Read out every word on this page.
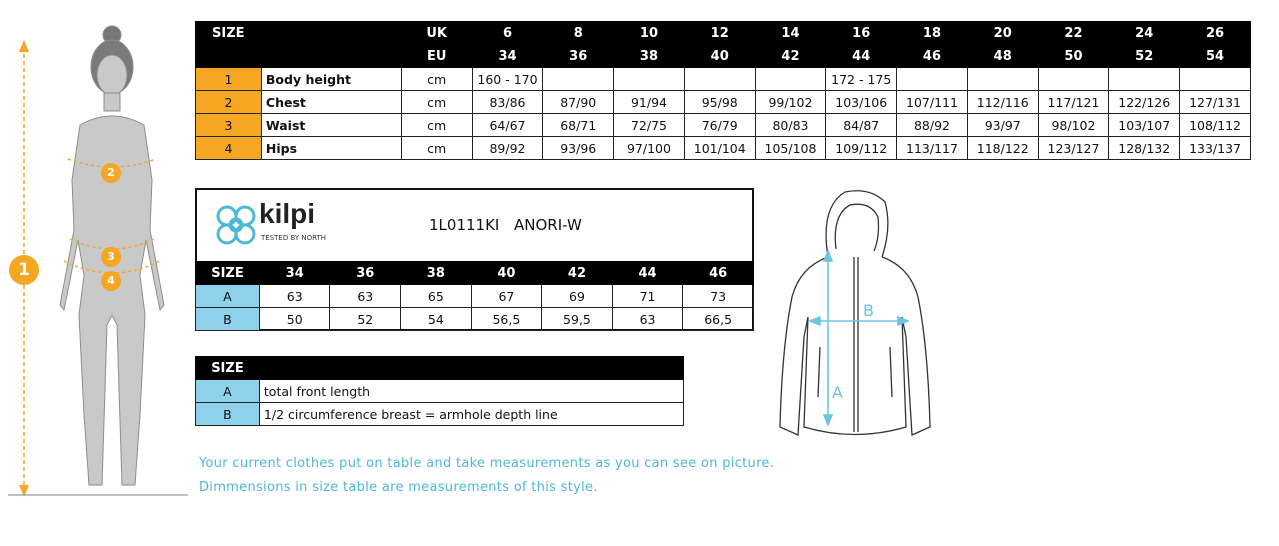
1
2
3
4
SIZE		UK	6	8	10	12	14	16	18	20	22	24	26
		EU	34	36	38	40	42	44	46	48	50	52	54
1	Body height	cm	160 - 170					172 - 175					
2	Chest	cm	83/86	87/90	91/94	95/98	99/102	103/106	107/111	112/116	117/121	122/126	127/131
3	Waist	cm	64/67	68/71	72/75	76/79	80/83	84/87	88/92	93/97	98/102	103/107	108/112
4	Hips	cm	89/92	93/96	97/100	101/104	105/108	109/112	113/117	118/122	123/127	128/132	133/137
kilpi
TESTED BY NORTH
1L0111KI ANORI-W
SIZE	34	36	38	40	42	44	46
A	63	63	65	67	69	71	73
B	50	52	54	56,5	59,5	63	66,5
SIZE	
A	total front length
B	1/2 circumference breast = armhole depth line
A
B
Your current clothes put on table and take measurements as you can see on picture.
Dimmensions in size table are measurements of this style.
